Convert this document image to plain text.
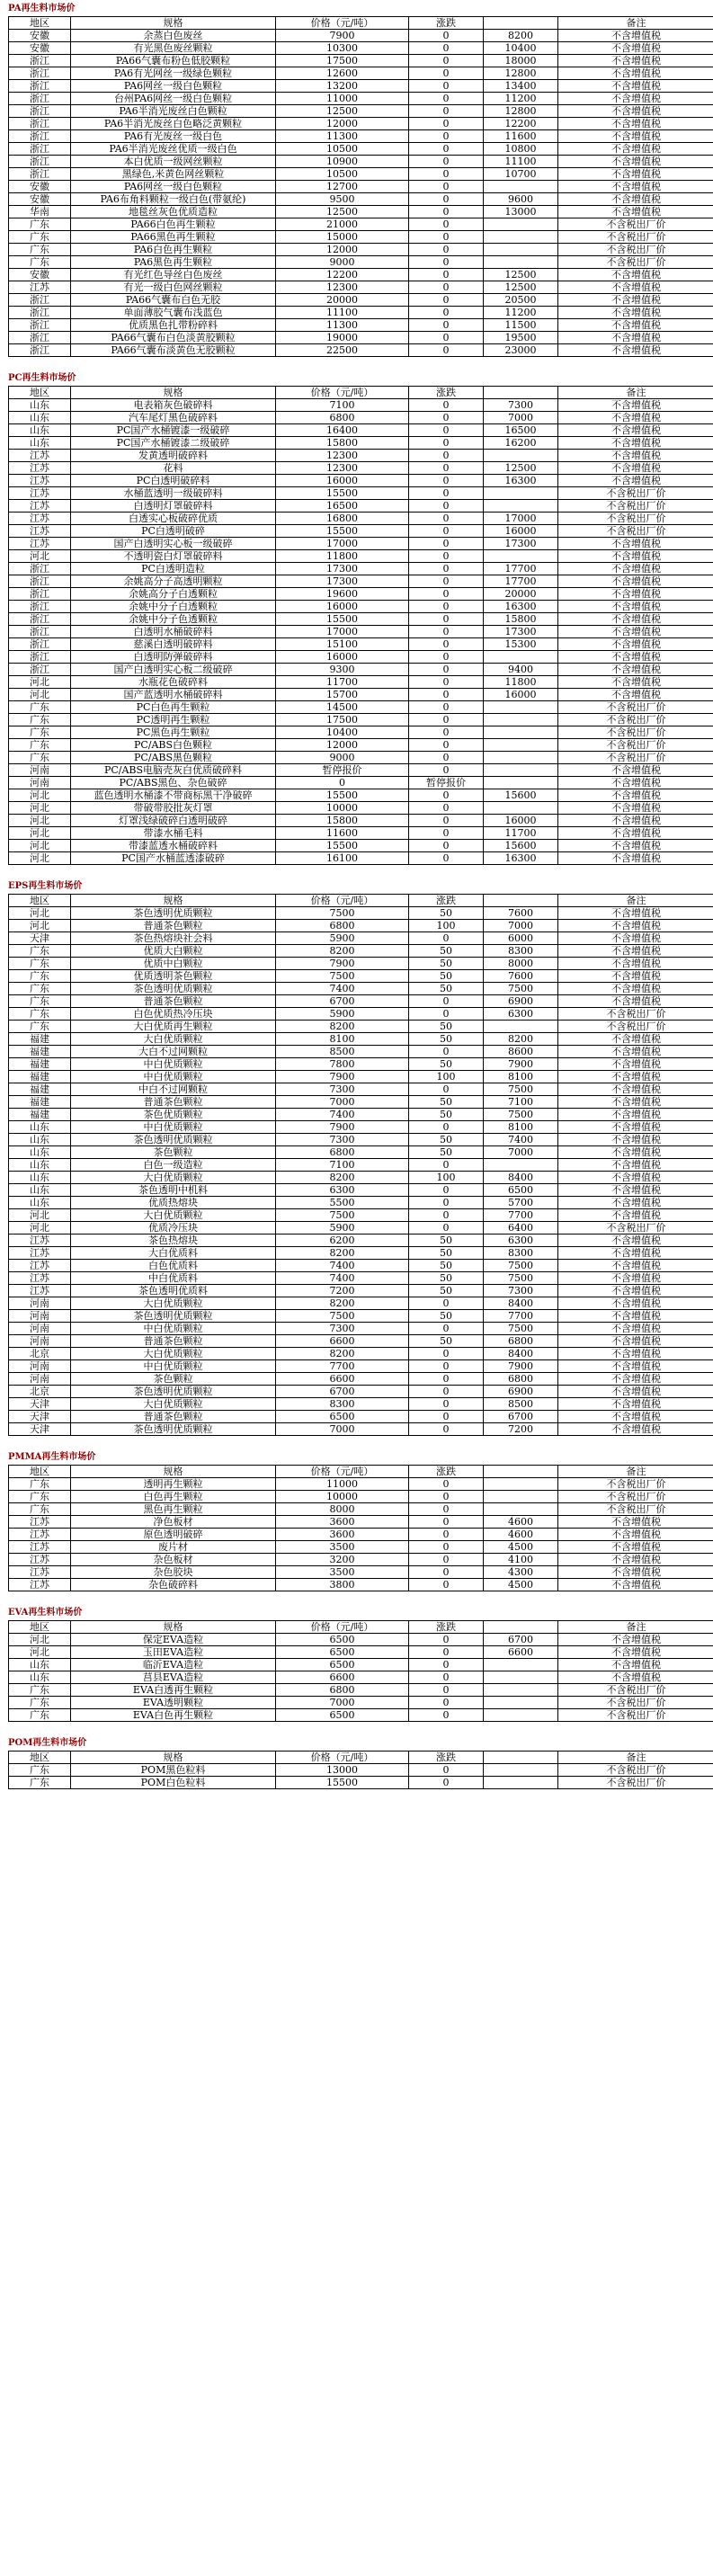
PA再生料市场价
地区	规格	价格（元/吨）	涨跌		备注
安徽	余蒸白色废丝	7900	0	8200	不含增值税
安徽	有光黑色废丝颗粒	10300	0	10400	不含增值税
浙江	PA66气囊布粉色低胶颗粒	17500	0	18000	不含增值税
浙江	PA6有光网丝一级绿色颗粒	12600	0	12800	不含增值税
浙江	PA6网丝一级白色颗粒	13200	0	13400	不含增值税
浙江	台州PA6网丝一级白色颗粒	11000	0	11200	不含增值税
浙江	PA6半消光废丝白色颗粒	12500	0	12800	不含增值税
浙江	PA6半消光废丝白色略泛黄颗粒	12000	0	12200	不含增值税
浙江	PA6有光废丝一级白色	11300	0	11600	不含增值税
浙江	PA6半消光废丝优质一级白色	10500	0	10800	不含增值税
浙江	本白优质一级网丝颗粒	10900	0	11100	不含增值税
浙江	黑绿色,米黄色网丝颗粒	10500	0	10700	不含增值税
安徽	PA6网丝一级白色颗粒	12700	0		不含增值税
安徽	PA6布角料颗粒一级白色(带氨纶)	9500	0	9600	不含增值税
华南	地毯丝灰色优质造粒	12500	0	13000	不含增值税
广东	PA66白色再生颗粒	21000	0		不含税出厂价
广东	PA66黑色再生颗粒	15000	0		不含税出厂价
广东	PA6白色再生颗粒	12000	0		不含税出厂价
广东	PA6黑色再生颗粒	9000	0		不含税出厂价
安徽	有光红色导丝白色废丝	12200	0	12500	不含增值税
江苏	有光一级白色网丝颗粒	12300	0	12500	不含增值税
浙江	PA66气囊布白色无胶	20000	0	20500	不含增值税
浙江	单面薄胶气囊布浅蓝色	11100	0	11200	不含增值税
浙江	优质黑色扎带粉碎料	11300	0	11500	不含增值税
浙江	PA66气囊布白色淡黄胶颗粒	19000	0	19500	不含增值税
浙江	PA66气囊布淡黄色无胶颗粒	22500	0	23000	不含增值税
PC再生料市场价
地区	规格	价格（元/吨）	涨跌		备注
山东	电表箱灰色破碎料	7100	0	7300	不含增值税
山东	汽车尾灯黑色破碎料	6800	0	7000	不含增值税
山东	PC国产水桶镀漆一级破碎	16400	0	16500	不含增值税
山东	PC国产水桶镀漆二级破碎	15800	0	16200	不含增值税
江苏	发黄透明破碎料	12300	0		不含增值税
江苏	花料	12300	0	12500	不含增值税
江苏	PC白透明破碎料	16000	0	16300	不含增值税
江苏	水桶蓝透明一级破碎料	15500	0		不含税出厂价
江苏	白透明灯罩破碎料	16500	0		不含税出厂价
江苏	白透实心板破碎优质	16800	0	17000	不含税出厂价
江苏	PC白透明破碎	15500	0	16000	不含税出厂价
江苏	国产白透明实心板一级破碎	17000	0	17300	不含增值税
河北	不透明瓷白灯罩破碎料	11800	0		不含增值税
浙江	PC白透明造粒	17300	0	17700	不含增值税
浙江	余姚高分子高透明颗粒	17300	0	17700	不含增值税
浙江	余姚高分子白透颗粒	19600	0	20000	不含增值税
浙江	余姚中分子白透颗粒	16000	0	16300	不含增值税
浙江	余姚中分子色透颗粒	15500	0	15800	不含增值税
浙江	白透明水桶破碎料	17000	0	17300	不含增值税
浙江	慈溪白透明破碎料	15100	0	15300	不含增值税
浙江	白透明防弹破碎料	16000	0		不含增值税
浙江	国产白透明实心板二级破碎	9300	0	9400	不含增值税
河北	水瓶花色破碎料	11700	0	11800	不含增值税
河北	国产蓝透明水桶破碎料	15700	0	16000	不含增值税
广东	PC白色再生颗粒	14500	0		不含税出厂价
广东	PC透明再生颗粒	17500	0		不含税出厂价
广东	PC黑色再生颗粒	10400	0		不含税出厂价
广东	PC/ABS白色颗粒	12000	0		不含税出厂价
广东	PC/ABS黑色颗粒	9000	0		不含税出厂价
河南	PC/ABS电脑壳灰白优质破碎料	暂停报价	0		不含增值税
河南	PC/ABS黑色、杂色破碎	0	暂停报价		不含增值税
河北	蓝色透明水桶漆不带商标黑干净破碎	15500	0	15600	不含增值税
河北	带破带胶批灰灯罩	10000	0		不含增值税
河北	灯罩浅绿破碎白透明破碎	15800	0	16000	不含增值税
河北	带漆水桶毛料	11600	0	11700	不含增值税
河北	带漆蓝透水桶破碎料	15500	0	15600	不含增值税
河北	PC国产水桶蓝透漆破碎	16100	0	16300	不含增值税
EPS再生料市场价
地区	规格	价格（元/吨）	涨跌		备注
河北	茶色透明优质颗粒	7500	50	7600	不含增值税
河北	普通茶色颗粒	6800	100	7000	不含增值税
天津	茶色热熔块社会料	5900	0	6000	不含增值税
广东	优质大白颗粒	8200	50	8300	不含增值税
广东	优质中白颗粒	7900	50	8000	不含增值税
广东	优质透明茶色颗粒	7500	50	7600	不含增值税
广东	茶色透明优质颗粒	7400	50	7500	不含增值税
广东	普通茶色颗粒	6700	0	6900	不含增值税
广东	白色优质热冷压块	5900	0	6300	不含税出厂价
广东	大白优质再生颗粒	8200	50		不含税出厂价
福建	大白优质颗粒	8100	50	8200	不含增值税
福建	大白不过网颗粒	8500	0	8600	不含增值税
福建	中白优质颗粒	7800	50	7900	不含增值税
福建	中白优质颗粒	7900	100	8100	不含增值税
福建	中白不过网颗粒	7300	0	7500	不含增值税
福建	普通茶色颗粒	7000	50	7100	不含增值税
福建	茶色优质颗粒	7400	50	7500	不含增值税
山东	中白优质颗粒	7900	0	8100	不含增值税
山东	茶色透明优质颗粒	7300	50	7400	不含增值税
山东	茶色颗粒	6800	50	7000	不含增值税
山东	白色一级造粒	7100	0		不含增值税
山东	大白优质颗粒	8200	100	8400	不含增值税
山东	茶色透明中机料	6300	0	6500	不含增值税
山东	优质热熔块	5500	0	5700	不含增值税
河北	大白优质颗粒	7500	0	7700	不含增值税
河北	优质冷压块	5900	0	6400	不含税出厂价
江苏	茶色热熔块	6200	50	6300	不含增值税
江苏	大白优质料	8200	50	8300	不含增值税
江苏	白色优质料	7400	50	7500	不含增值税
江苏	中白优质料	7400	50	7500	不含增值税
江苏	茶色透明优质料	7200	50	7300	不含增值税
河南	大白优质颗粒	8200	0	8400	不含增值税
河南	茶色透明优质颗粒	7500	50	7700	不含增值税
河南	中白优质颗粒	7300	0	7500	不含增值税
河南	普通茶色颗粒	6600	50	6800	不含增值税
北京	大白优质颗粒	8200	0	8400	不含增值税
河南	中白优质颗粒	7700	0	7900	不含增值税
河南	茶色颗粒	6600	0	6800	不含增值税
北京	茶色透明优质颗粒	6700	0	6900	不含增值税
天津	大白优质颗粒	8300	0	8500	不含增值税
天津	普通茶色颗粒	6500	0	6700	不含增值税
天津	茶色透明优质颗粒	7000	0	7200	不含增值税
PMMA再生料市场价
地区	规格	价格（元/吨）	涨跌		备注
广东	透明再生颗粒	11000	0		不含税出厂价
广东	白色再生颗粒	10000	0		不含税出厂价
广东	黑色再生颗粒	8000	0		不含税出厂价
江苏	净色板材	3600	0	4600	不含增值税
江苏	原色透明破碎	3600	0	4600	不含增值税
江苏	废片材	3500	0	4500	不含增值税
江苏	杂色板材	3200	0	4100	不含增值税
江苏	杂色胶块	3500	0	4300	不含增值税
江苏	杂色破碎料	3800	0	4500	不含增值税
EVA再生料市场价
地区	规格	价格（元/吨）	涨跌		备注
河北	保定EVA造粒	6500	0	6700	不含增值税
河北	玉田EVA造粒	6500	0	6600	不含增值税
山东	临沂EVA造粒	6500	0		不含增值税
山东	莒县EVA造粒	6600	0		不含增值税
广东	EVA白透再生颗粒	6800	0		不含税出厂价
广东	EVA透明颗粒	7000	0		不含税出厂价
广东	EVA白色再生颗粒	6500	0		不含税出厂价
POM再生料市场价
地区	规格	价格（元/吨）	涨跌		备注
广东	POM黑色粒料	13000	0		不含税出厂价
广东	POM白色粒料	15500	0		不含税出厂价
